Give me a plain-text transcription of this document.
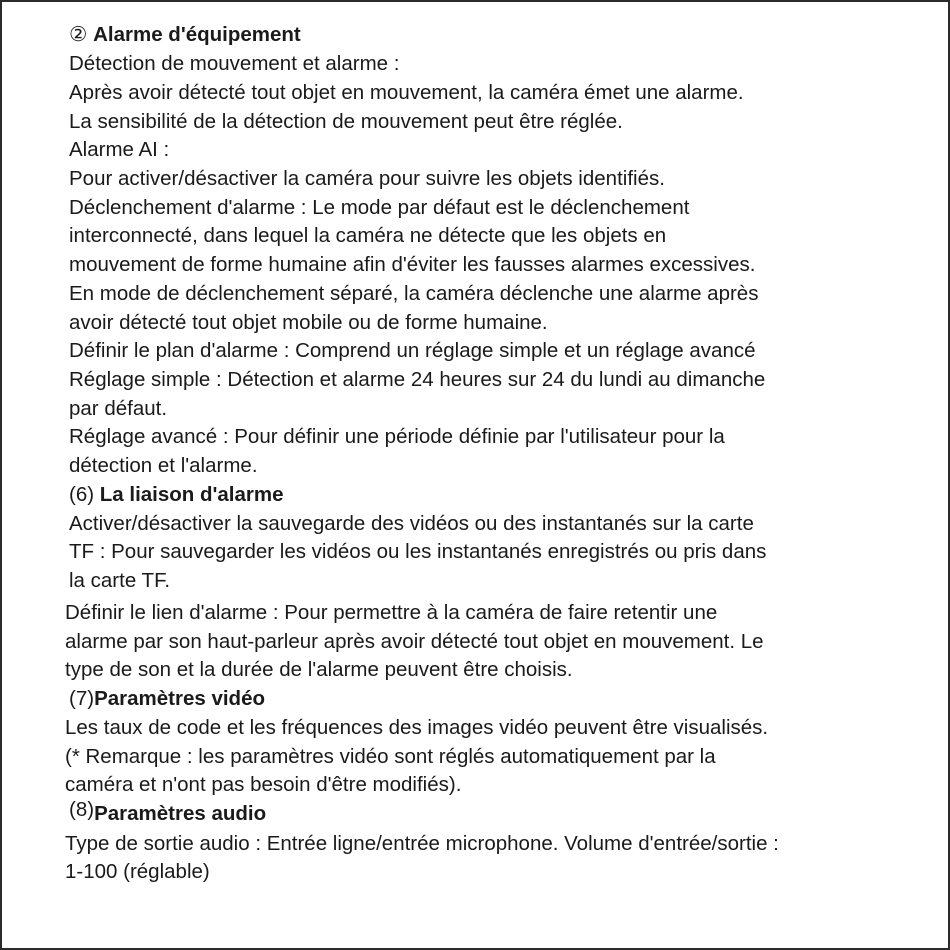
② Alarme d'équipement

Détection de mouvement et alarme :

Après avoir détecté tout objet en mouvement, la caméra émet une alarme.

La sensibilité de la détection de mouvement peut être réglée.

Alarme AI :

Pour activer/désactiver la caméra pour suivre les objets identifiés.

Déclenchement d'alarme : Le mode par défaut est le déclenchement

interconnecté, dans lequel la caméra ne détecte que les objets en

mouvement de forme humaine afin d'éviter les fausses alarmes excessives.

En mode de déclenchement séparé, la caméra déclenche une alarme après

avoir détecté tout objet mobile ou de forme humaine.

Définir le plan d'alarme : Comprend un réglage simple et un réglage avancé

Réglage simple : Détection et alarme 24 heures sur 24 du lundi au dimanche

par défaut.

Réglage avancé : Pour définir une période définie par l'utilisateur pour la

détection et l'alarme.

(6) La liaison d'alarme

Activer/désactiver la sauvegarde des vidéos ou des instantanés sur la carte

TF : Pour sauvegarder les vidéos ou les instantanés enregistrés ou pris dans

la carte TF.

Définir le lien d'alarme : Pour permettre à la caméra de faire retentir une

alarme par son haut-parleur après avoir détecté tout objet en mouvement. Le

type de son et la durée de l'alarme peuvent être choisis.

(7)Paramètres vidéo

Les taux de code et les fréquences des images vidéo peuvent être visualisés.

(* Remarque : les paramètres vidéo sont réglés automatiquement par la

caméra et n'ont pas besoin d'être modifiés).

(8)Paramètres audio

Type de sortie audio : Entrée ligne/entrée microphone. Volume d'entrée/sortie :

1-100 (réglable)
